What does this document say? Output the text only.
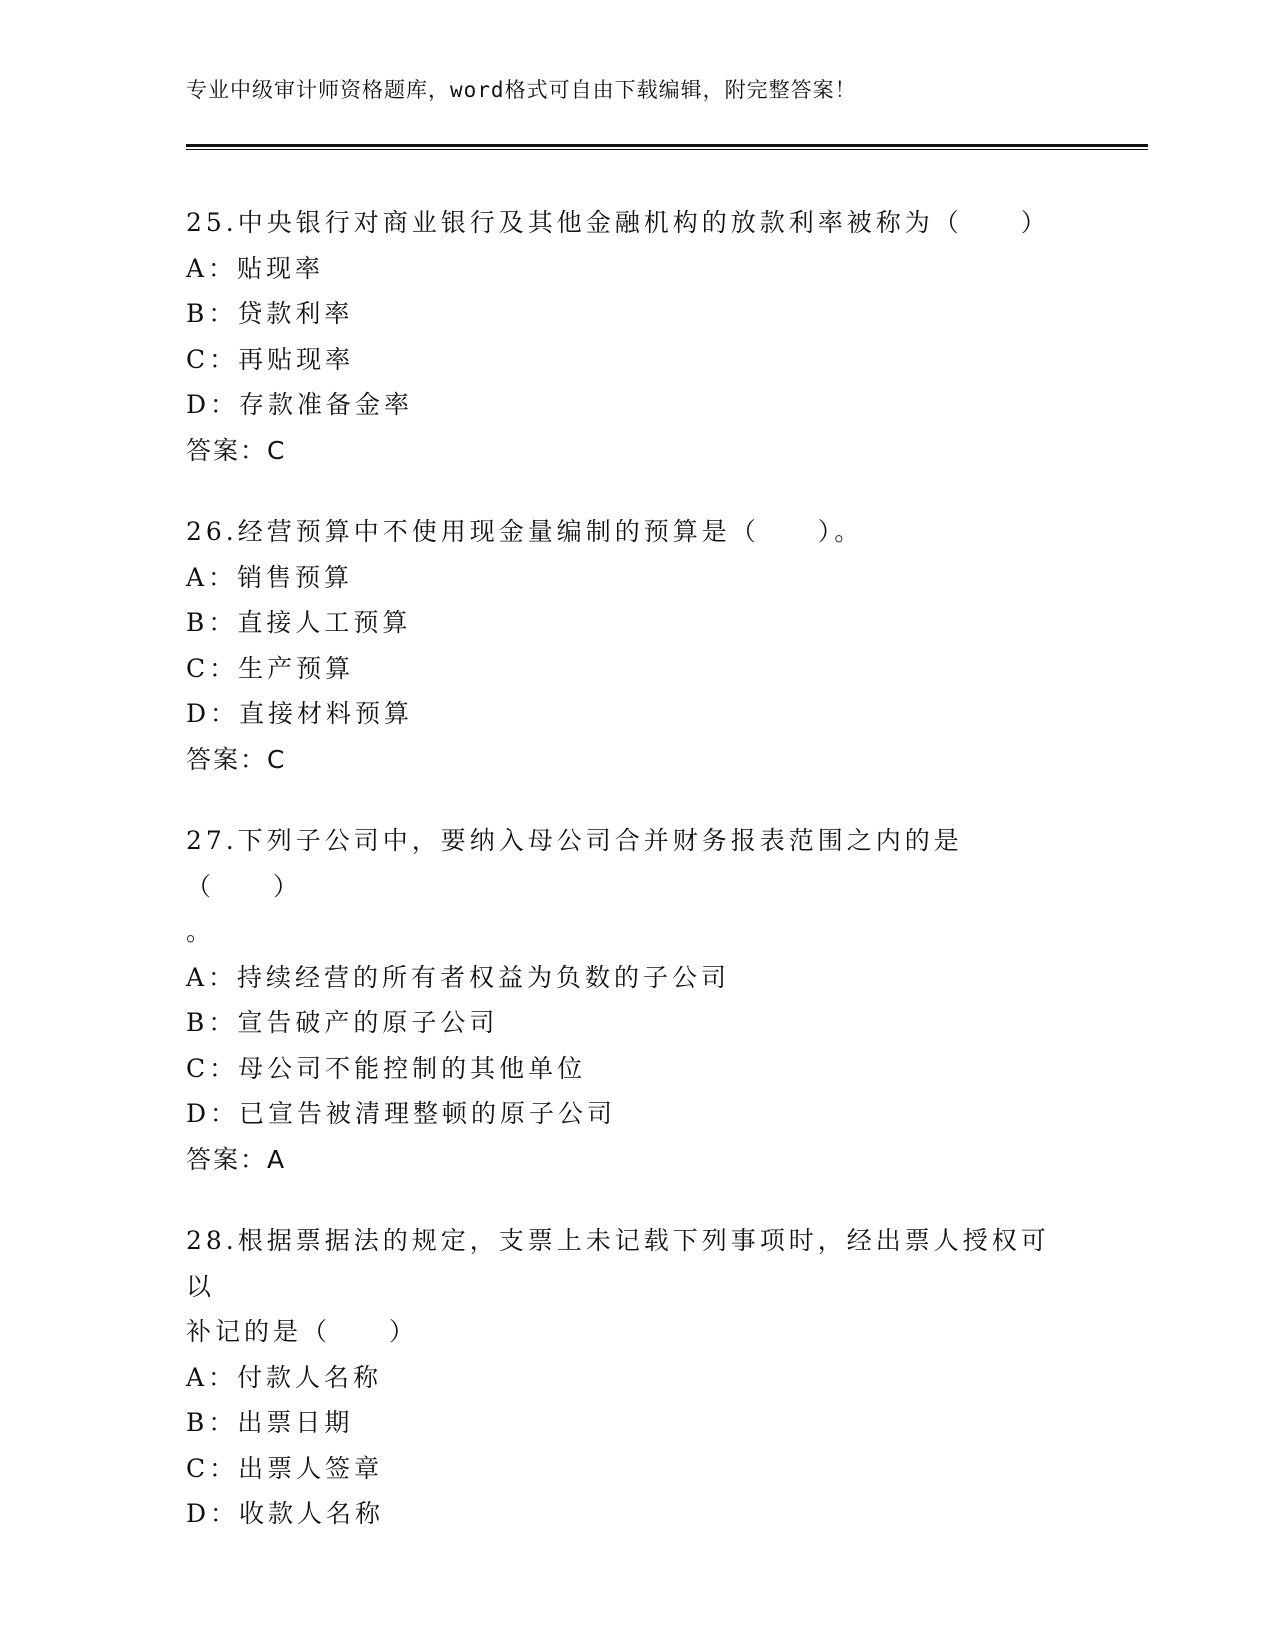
专业中级审计师资格题库，word格式可自由下载编辑，附完整答案！
25.中央银行对商业银行及其他金融机构的放款利率被称为（　　）
A：贴现率
B：贷款利率
C：再贴现率
D：存款准备金率
答案：C
26.经营预算中不使用现金量编制的预算是（　　）。
A：销售预算
B：直接人工预算
C：生产预算
D：直接材料预算
答案：C
27.下列子公司中，要纳入母公司合并财务报表范围之内的是（　　）
。
A：持续经营的所有者权益为负数的子公司
B：宣告破产的原子公司
C：母公司不能控制的其他单位
D：已宣告被清理整顿的原子公司
答案：A
28.根据票据法的规定，支票上未记载下列事项时，经出票人授权可以
补记的是（　　）
A：付款人名称
B：出票日期
C：出票人签章
D：收款人名称
